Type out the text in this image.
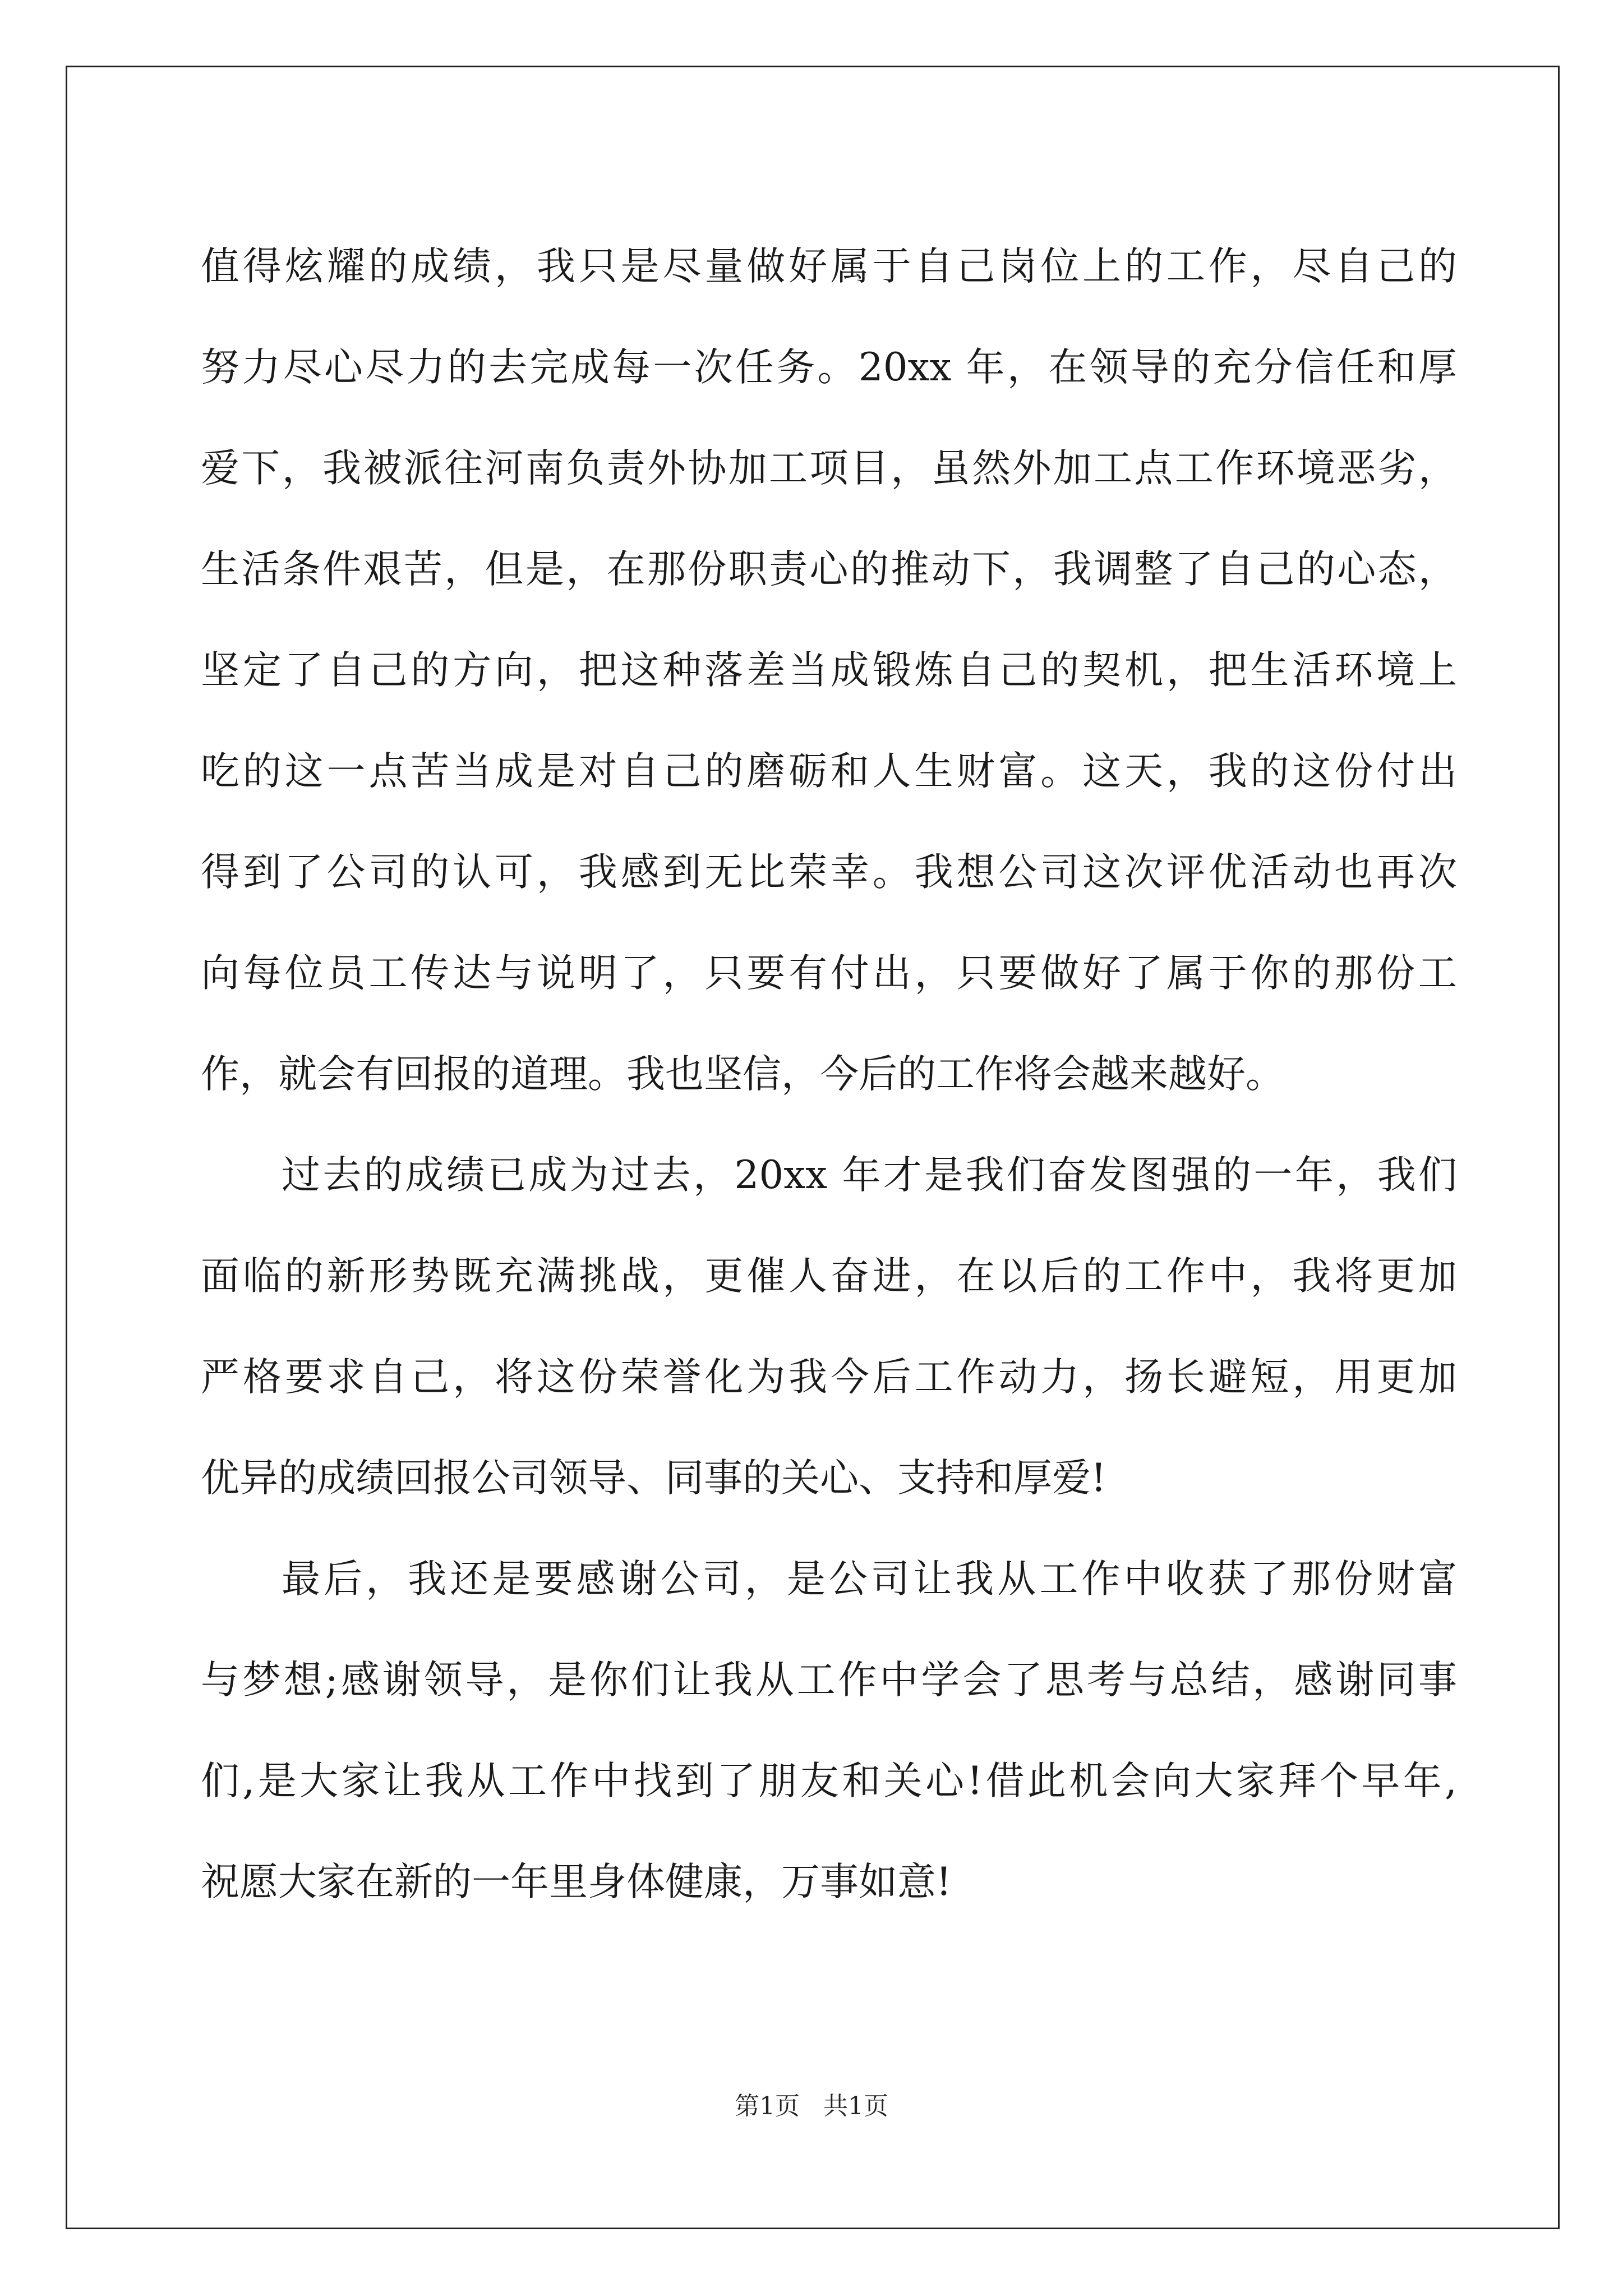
值得炫耀的成绩，我只是尽量做好属于自己岗位上的工作，尽自己的
努力尽心尽力的去完成每一次任务。20xx 年，在领导的充分信任和厚
爱下，我被派往河南负责外协加工项目，虽然外加工点工作环境恶劣，
生活条件艰苦，但是，在那份职责心的推动下，我调整了自己的心态，
坚定了自己的方向，把这种落差当成锻炼自己的契机，把生活环境上
吃的这一点苦当成是对自己的磨砺和人生财富。这天，我的这份付出
得到了公司的认可，我感到无比荣幸。我想公司这次评优活动也再次
向每位员工传达与说明了，只要有付出，只要做好了属于你的那份工
作，就会有回报的道理。我也坚信，今后的工作将会越来越好。
过去的成绩已成为过去，20xx 年才是我们奋发图强的一年，我们
面临的新形势既充满挑战，更催人奋进，在以后的工作中，我将更加
严格要求自己，将这份荣誉化为我今后工作动力，扬长避短，用更加
优异的成绩回报公司领导、同事的关心、支持和厚爱!
最后，我还是要感谢公司，是公司让我从工作中收获了那份财富
与梦想;感谢领导，是你们让我从工作中学会了思考与总结，感谢同事
们,是大家让我从工作中找到了朋友和关心!借此机会向大家拜个早年,
祝愿大家在新的一年里身体健康，万事如意!
第1页 共1页
